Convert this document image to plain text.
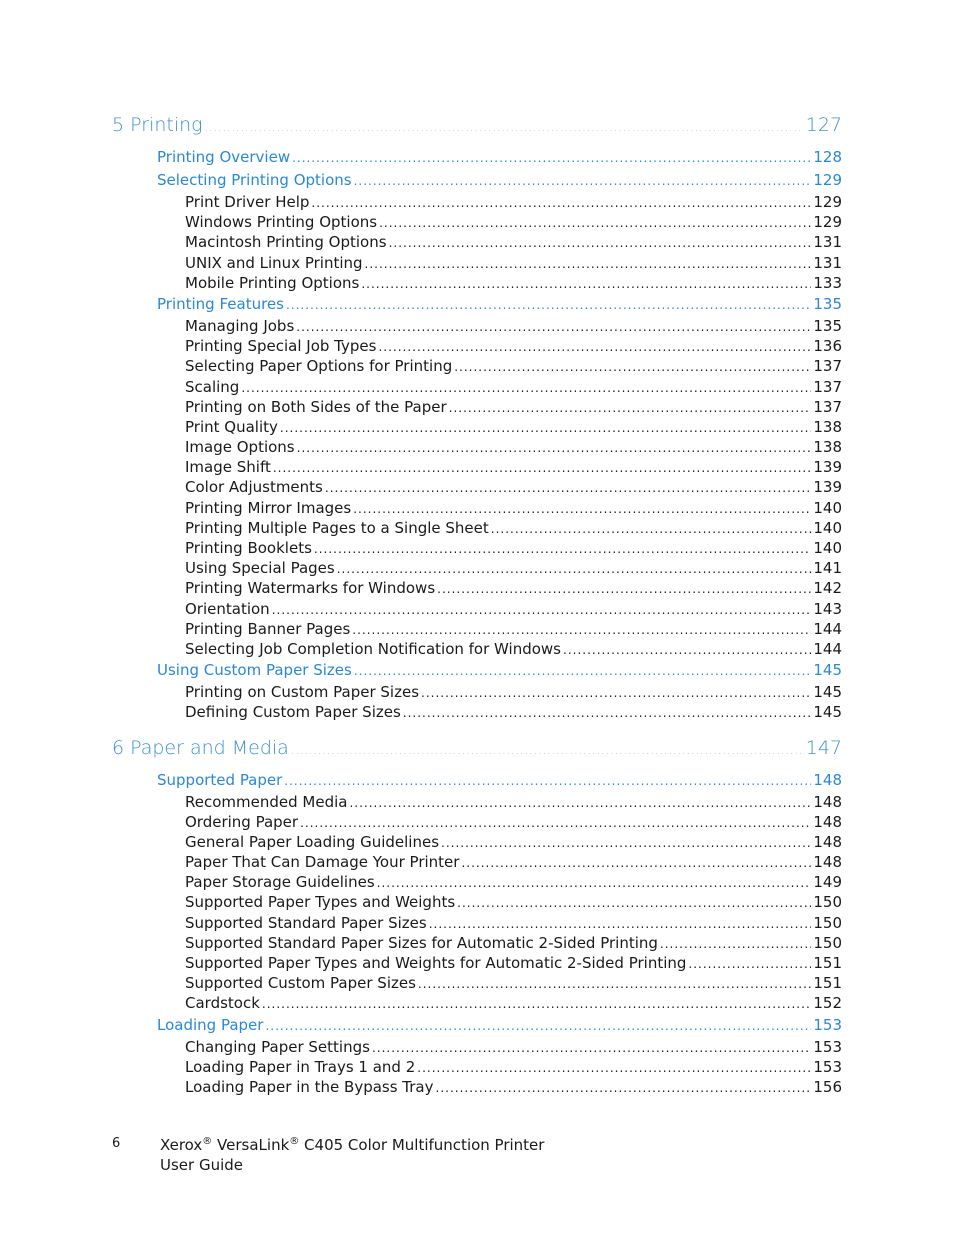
5 Printing .....	127
Printing Overview .....	128
Selecting Printing Options .....	129
Print Driver Help .....	129
Windows Printing Options .....	129
Macintosh Printing Options .....	131
UNIX and Linux Printing .....	131
Mobile Printing Options .....	133
Printing Features .....	135
Managing Jobs .....	135
Printing Special Job Types .....	136
Selecting Paper Options for Printing .....	137
Scaling .....	137
Printing on Both Sides of the Paper .....	137
Print Quality .....	138
Image Options .....	138
Image Shift .....	139
Color Adjustments .....	139
Printing Mirror Images .....	140
Printing Multiple Pages to a Single Sheet .....	140
Printing Booklets .....	140
Using Special Pages .....	141
Printing Watermarks for Windows .....	142
Orientation .....	143
Printing Banner Pages .....	144
Selecting Job Completion Notification for Windows .....	144
Using Custom Paper Sizes .....	145
Printing on Custom Paper Sizes .....	145
Defining Custom Paper Sizes .....	145
6 Paper and Media .....	147
Supported Paper .....	148
Recommended Media .....	148
Ordering Paper .....	148
General Paper Loading Guidelines .....	148
Paper That Can Damage Your Printer .....	148
Paper Storage Guidelines .....	149
Supported Paper Types and Weights .....	150
Supported Standard Paper Sizes .....	150
Supported Standard Paper Sizes for Automatic 2-Sided Printing .....	150
Supported Paper Types and Weights for Automatic 2-Sided Printing .....	151
Supported Custom Paper Sizes .....	151
Cardstock .....	152
Loading Paper .....	153
Changing Paper Settings .....	153
Loading Paper in Trays 1 and 2 .....	153
Loading Paper in the Bypass Tray .....	156
6	Xerox® VersaLink® C405 Color Multifunction Printer
User Guide
